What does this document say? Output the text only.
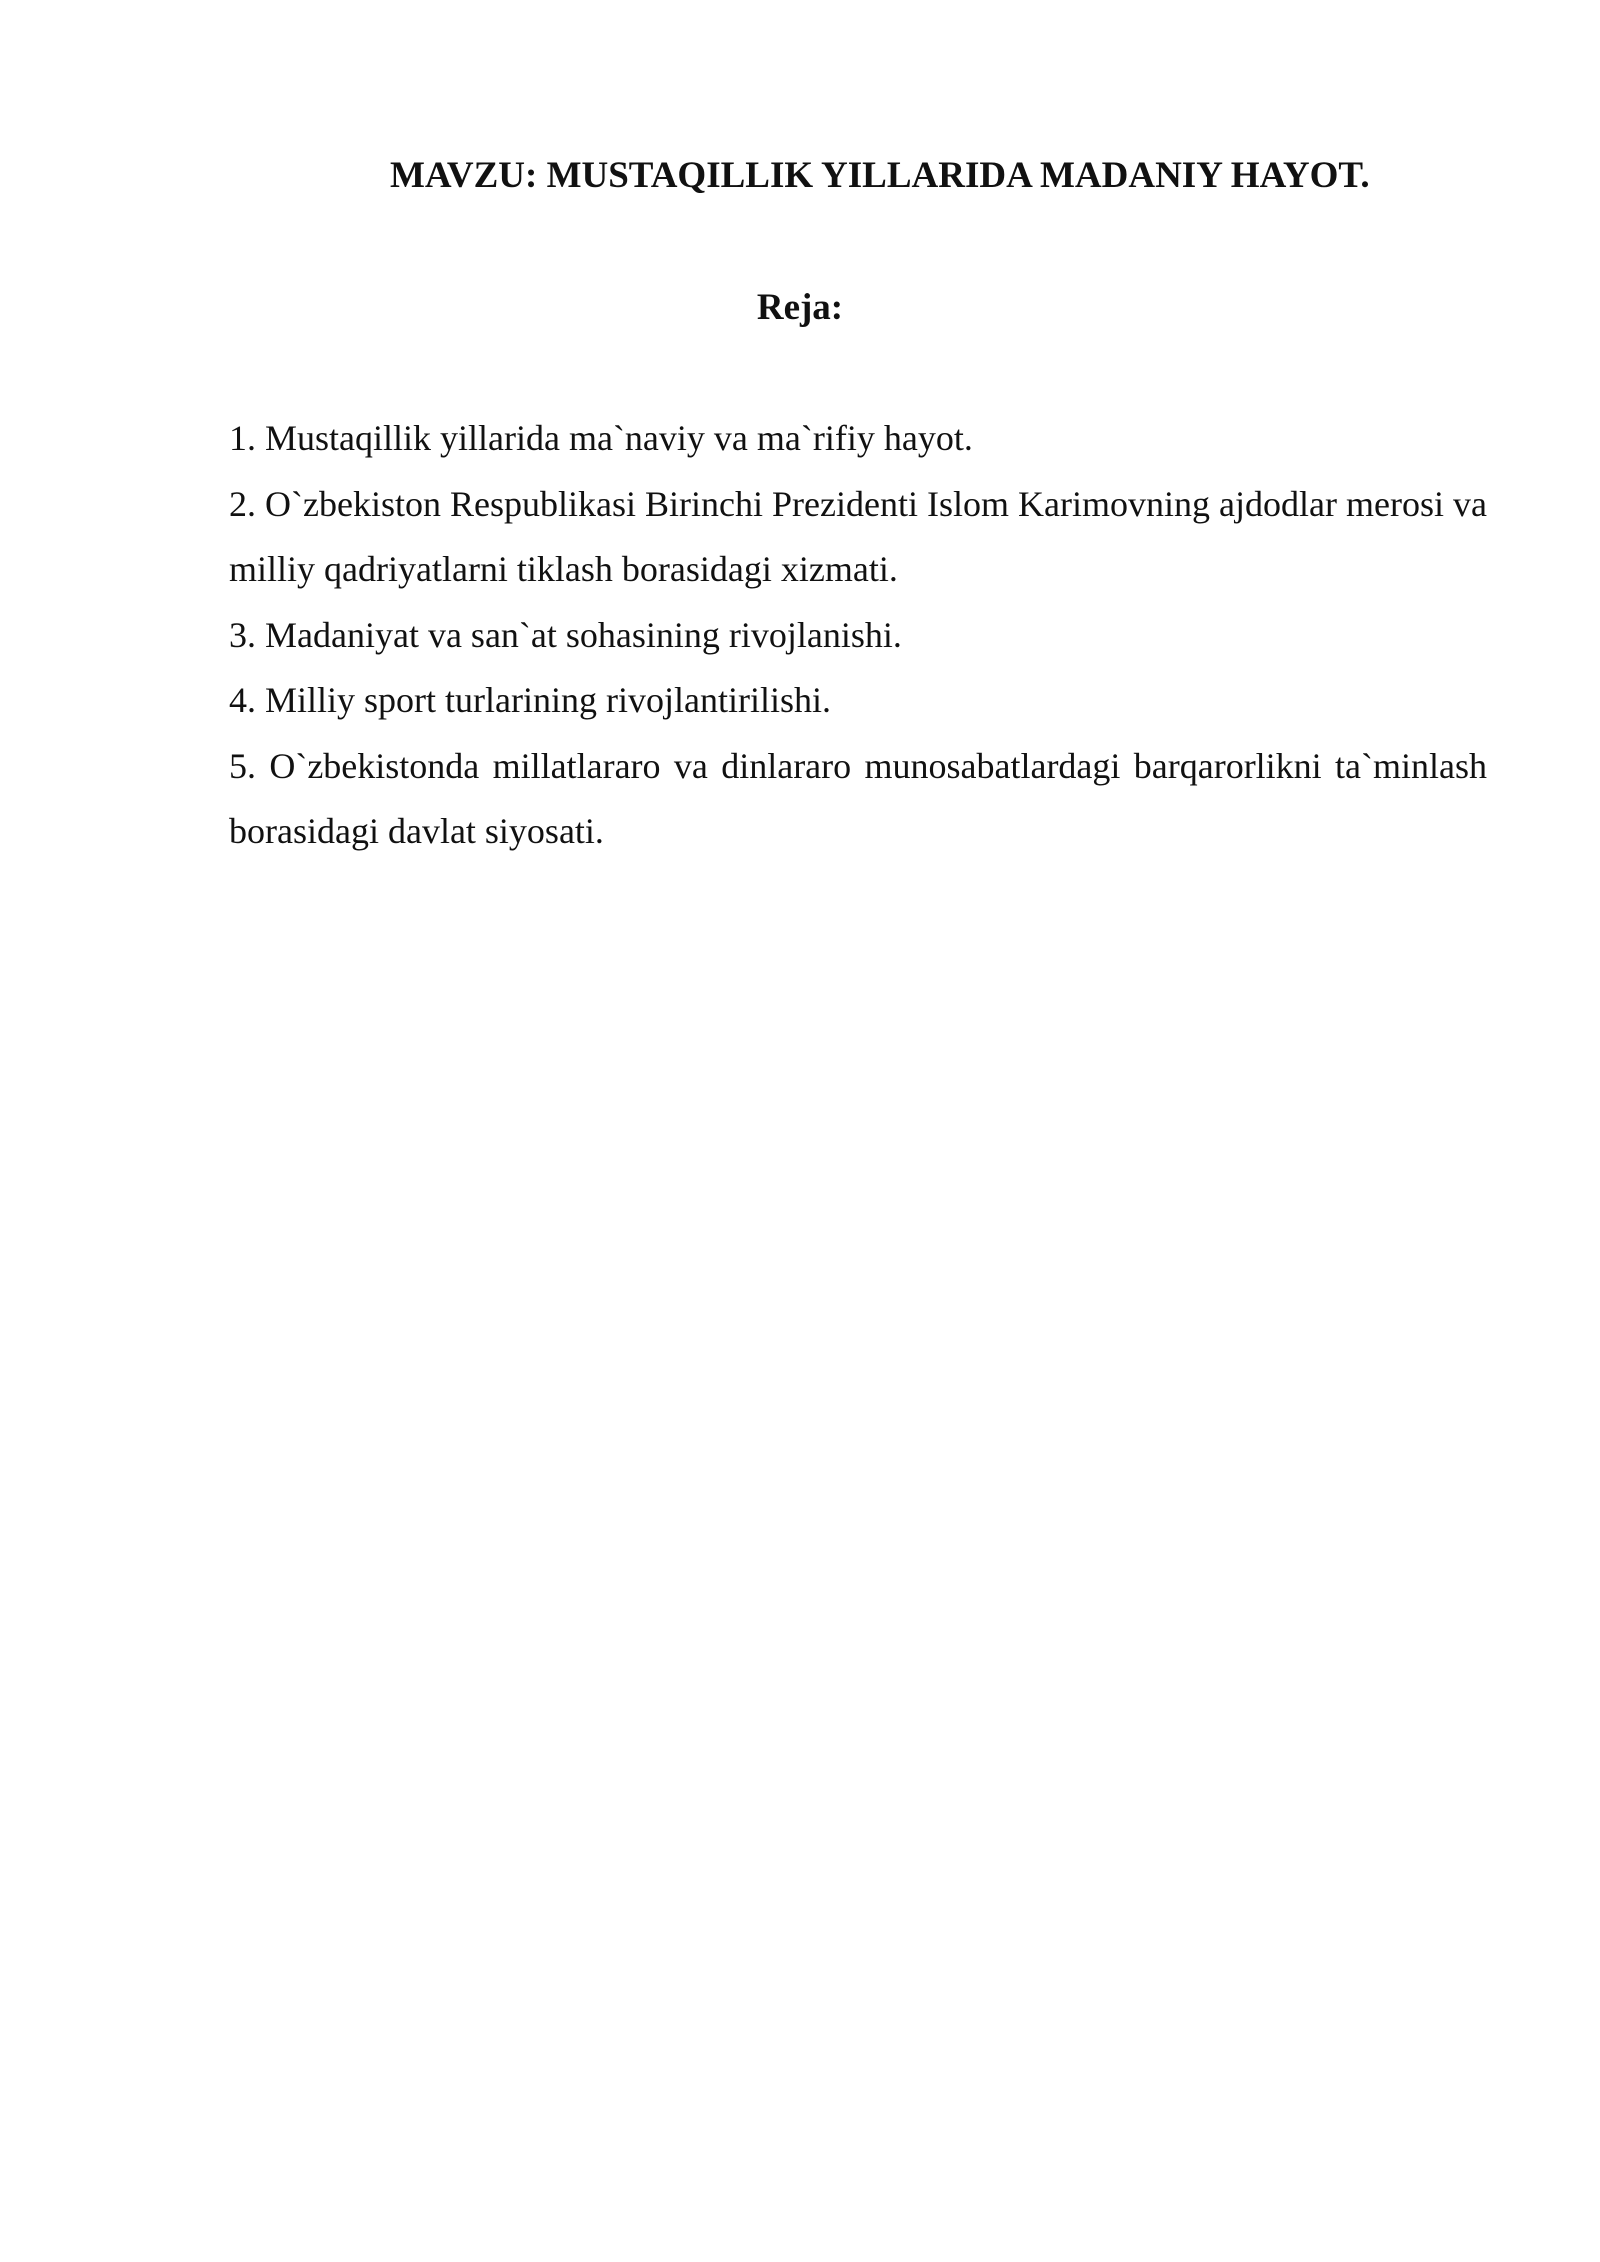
MAVZU: MUSTAQILLIK YILLARIDA MADANIY HAYOT.
Reja:
1. Mustaqillik yillarida ma`naviy va ma`rifiy hayot.
2. O`zbekiston Respublikasi Birinchi Prezidenti Islom Karimovning ajdodlar merosi va milliy qadriyatlarni tiklash borasidagi xizmati.
3. Madaniyat va san`at sohasining rivojlanishi.
4. Milliy sport turlarining rivojlantirilishi.
5. O`zbekistonda millatlararo va dinlararo munosabatlardagi barqarorlikni ta`minlash borasidagi davlat siyosati.
